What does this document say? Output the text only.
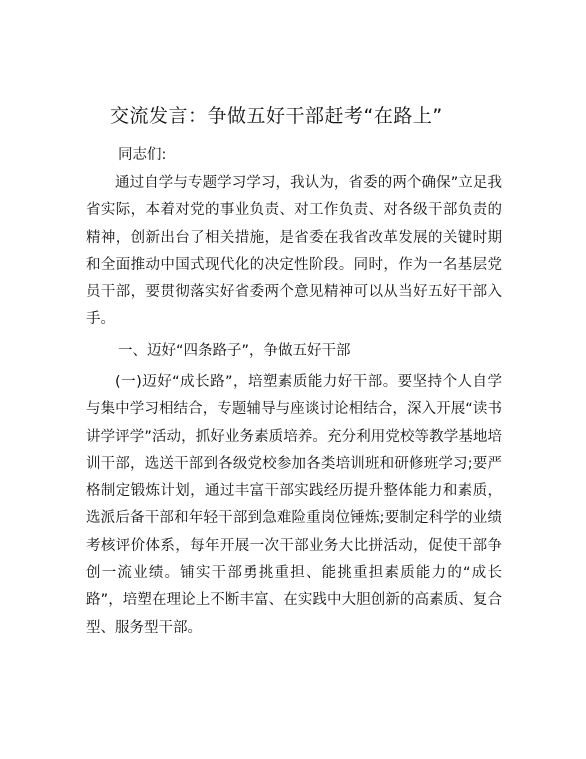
交流发言：争做五好干部赶考“在路上”
同志们:
通过自学与专题学习学习，我认为，省委的两个确保”立足我省实际，本着对党的事业负责、对工作负责、对各级干部负责的精神，创新出台了相关措施，是省委在我省改革发展的关键时期和全面推动中国式现代化的决定性阶段。同时，作为一名基层党员干部，要贯彻落实好省委两个意见精神可以从当好五好干部入手。
一、迈好“四条路子”，争做五好干部
(一)迈好“成长路”，培塑素质能力好干部。要坚持个人自学与集中学习相结合，专题辅导与座谈讨论相结合，深入开展“读书讲学评学”活动，抓好业务素质培养。充分利用党校等教学基地培训干部，选送干部到各级党校参加各类培训班和研修班学习;要严格制定锻炼计划，通过丰富干部实践经历提升整体能力和素质，选派后备干部和年轻干部到急难险重岗位锤炼;要制定科学的业绩考核评价体系，每年开展一次干部业务大比拼活动，促使干部争创一流业绩。铺实干部勇挑重担、能挑重担素质能力的“成长路”，培塑在理论上不断丰富、在实践中大胆创新的高素质、复合型、服务型干部。
